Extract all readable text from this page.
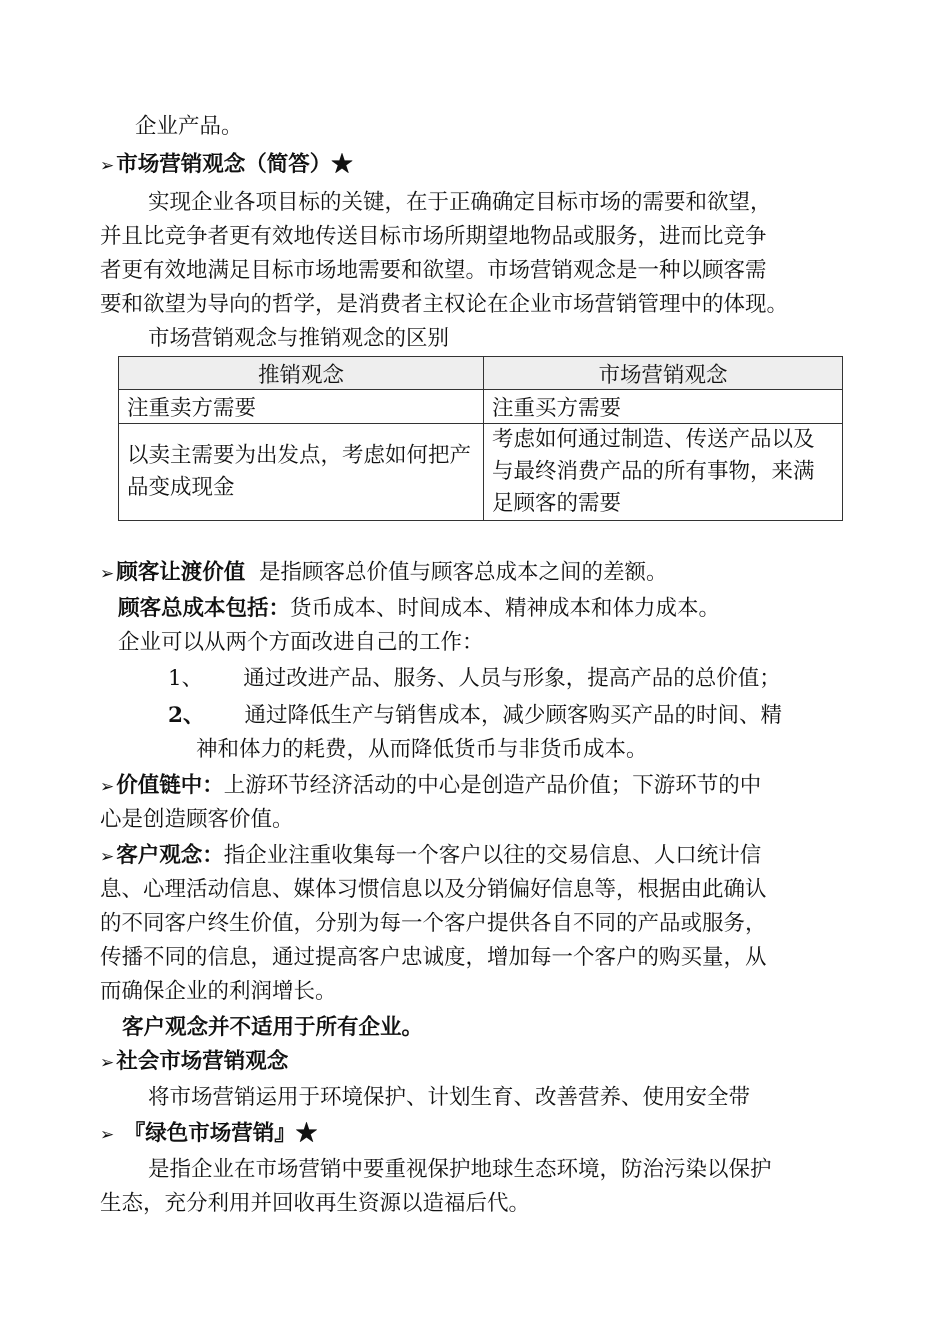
企业产品。
➢市场营销观念（简答）★
实现企业各项目标的关键，在于正确确定目标市场的需要和欲望，
并且比竞争者更有效地传送目标市场所期望地物品或服务，进而比竞争
者更有效地满足目标市场地需要和欲望。市场营销观念是一种以顾客需
要和欲望为导向的哲学，是消费者主权论在企业市场营销管理中的体现。
市场营销观念与推销观念的区别
推销观念	市场营销观念
注重卖方需要	注重买方需要
以卖主需要为出发点，考虑如何把产品变成现金	考虑如何通过制造、传送产品以及与最终消费产品的所有事物，来满足顾客的需要
➢顾客让渡价值 是指顾客总价值与顾客总成本之间的差额。
顾客总成本包括：货币成本、时间成本、精神成本和体力成本。
企业可以从两个方面改进自己的工作：
1、 通过改进产品、服务、人员与形象，提高产品的总价值；
2、 通过降低生产与销售成本，减少顾客购买产品的时间、精
神和体力的耗费，从而降低货币与非货币成本。
➢价值链中：上游环节经济活动的中心是创造产品价值；下游环节的中
心是创造顾客价值。
➢客户观念：指企业注重收集每一个客户以往的交易信息、人口统计信
息、心理活动信息、媒体习惯信息以及分销偏好信息等，根据由此确认
的不同客户终生价值，分别为每一个客户提供各自不同的产品或服务，
传播不同的信息，通过提高客户忠诚度，增加每一个客户的购买量，从
而确保企业的利润增长。
客户观念并不适用于所有企业。
➢社会市场营销观念
将市场营销运用于环境保护、计划生育、改善营养、使用安全带
➢ 『绿色市场营销』★
是指企业在市场营销中要重视保护地球生态环境，防治污染以保护
生态，充分利用并回收再生资源以造福后代。
